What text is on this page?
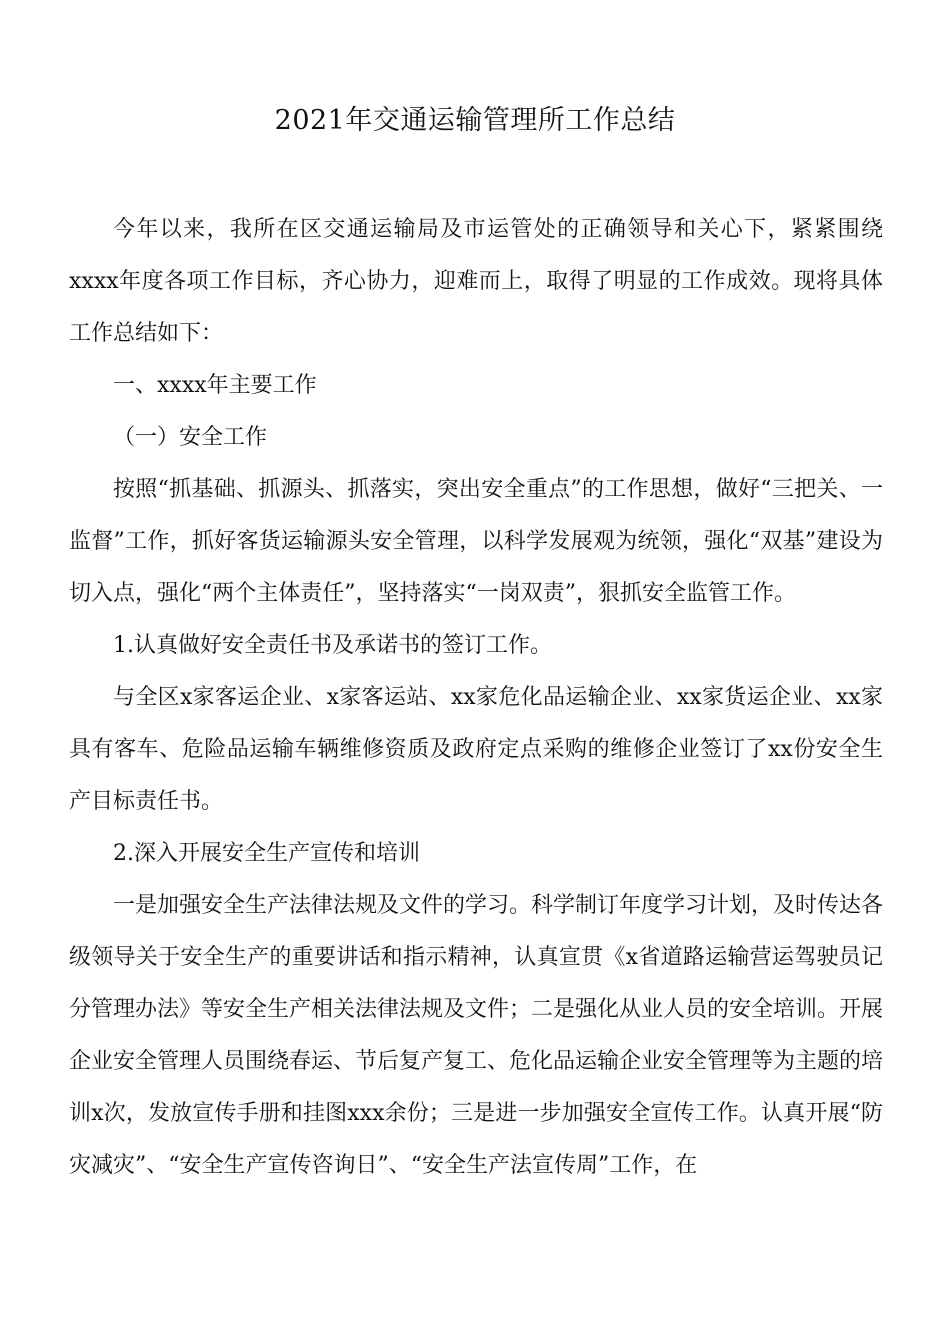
2021年交通运输管理所工作总结

今年以来，我所在区交通运输局及市运管处的正确领导和关心下，紧紧围绕xxxx年度各项工作目标，齐心协力，迎难而上，取得了明显的工作成效。现将具体工作总结如下：

一、xxxx年主要工作

（一）安全工作

按照“抓基础、抓源头、抓落实，突出安全重点”的工作思想，做好“三把关、一监督”工作，抓好客货运输源头安全管理，以科学发展观为统领，强化“双基”建设为切入点，强化“两个主体责任”，坚持落实“一岗双责”，狠抓安全监管工作。

1.认真做好安全责任书及承诺书的签订工作。

与全区x家客运企业、x家客运站、xx家危化品运输企业、xx家货运企业、xx家具有客车、危险品运输车辆维修资质及政府定点采购的维修企业签订了xx份安全生产目标责任书。

2.深入开展安全生产宣传和培训

一是加强安全生产法律法规及文件的学习。科学制订年度学习计划，及时传达各级领导关于安全生产的重要讲话和指示精神，认真宣贯《x省道路运输营运驾驶员记分管理办法》等安全生产相关法律法规及文件；二是强化从业人员的安全培训。开展企业安全管理人员围绕春运、节后复产复工、危化品运输企业安全管理等为主题的培训x次，发放宣传手册和挂图xxx余份；三是进一步加强安全宣传工作。认真开展“防灾减灾”、“安全生产宣传咨询日”、“安全生产法宣传周”工作，在
